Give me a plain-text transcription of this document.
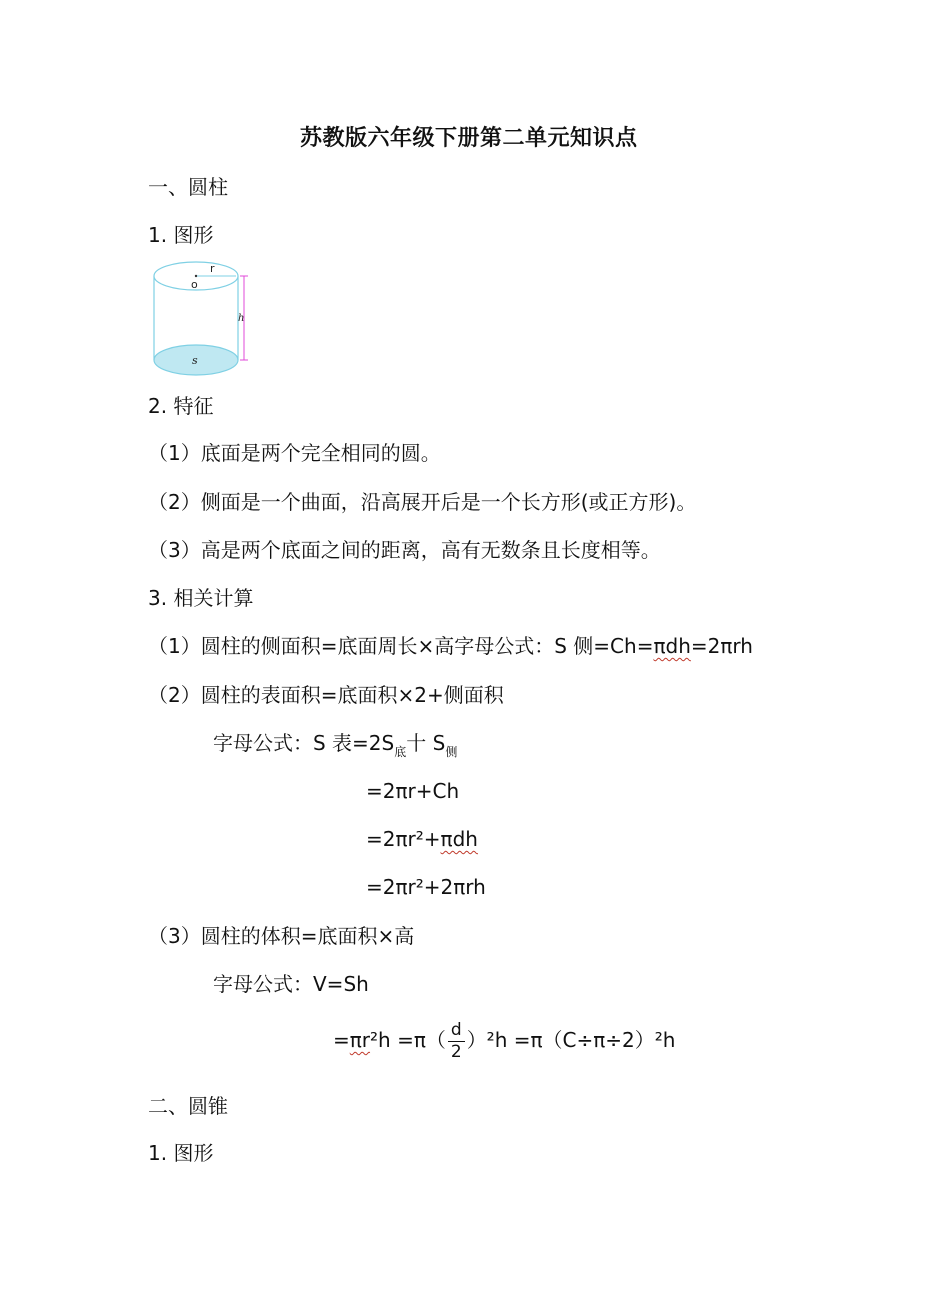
苏教版六年级下册第二单元知识点
一、圆柱
1. 图形
r
o
h
s
2. 特征
（1）底面是两个完全相同的圆。
（2）侧面是一个曲面，沿高展开后是一个长方形(或正方形)。
（3）高是两个底面之间的距离，高有无数条且长度相等。
3. 相关计算
（1）圆柱的侧面积=底面周长×高字母公式：S 侧=Ch=πdh=2πrh
（2）圆柱的表面积=底面积×2+侧面积
字母公式：S 表$=2S_底$十 $S_侧$
=2πr+Ch
=2πr²+πdh
=2πr²+2πrh
（3）圆柱的体积=底面积×高
字母公式：V=Sh
$=\pi r^2h =\pi( \frac{d}{2} )^2h =\pi(C\div\pi\div 2)^2h$
二、圆锥
1. 图形
